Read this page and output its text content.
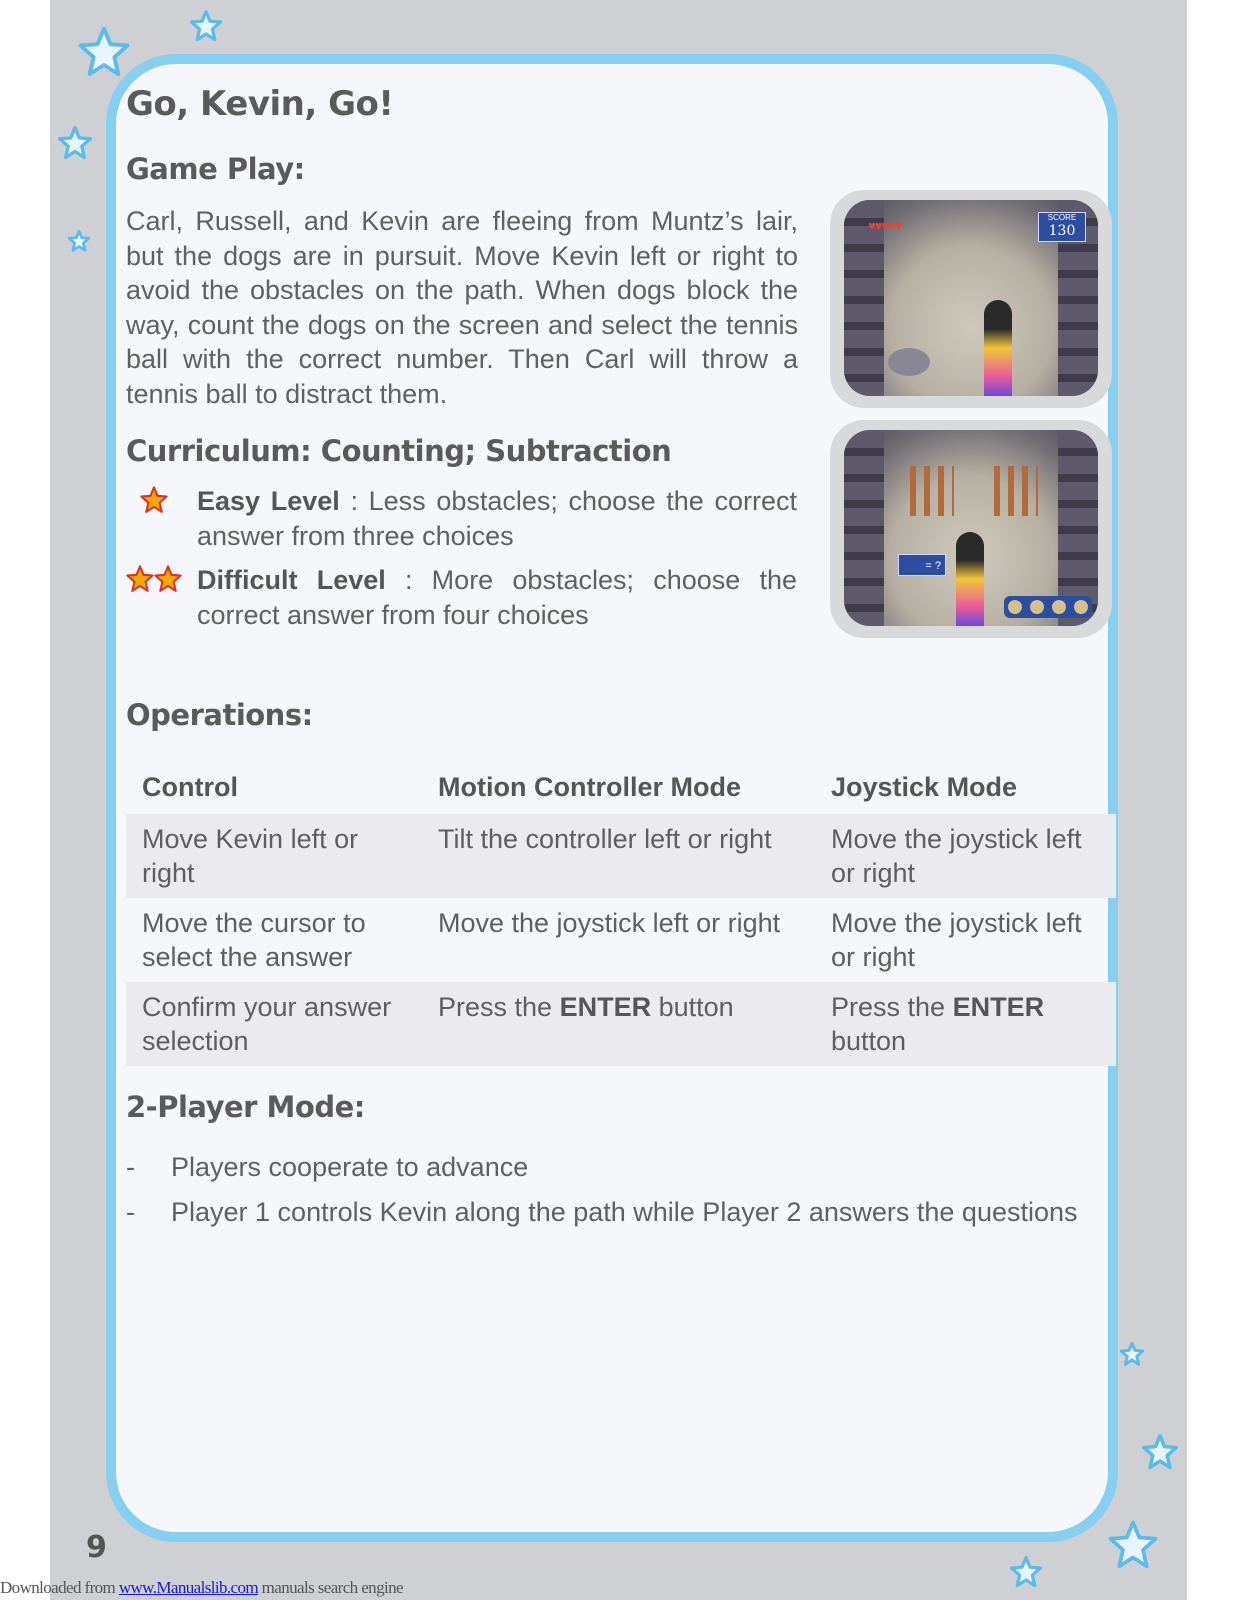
Go, Kevin, Go!
Game Play:

Carl, Russell, and Kevin are fleeing from Muntz’s lair, but the dogs are in pursuit. Move Kevin left or right to avoid the obstacles on the path. When dogs block the way, count the dogs on the screen and select the tennis ball with the correct number. Then Carl will throw a tennis ball to distract them.

Curriculum: Counting; Subtraction
Easy Level : Less obstacles; choose the correct answer from three choices
Difficult Level : More obstacles; choose the correct answer from four choices
♥♥♥♥♥
SCORE
130
= ?
Operations:
Control	Motion Controller Mode	Joystick Mode
Move Kevin left or right	Tilt the controller left or right	Move the joystick left or right
Move the cursor to select the answer	Move the joystick left or right	Move the joystick left or right
Confirm your answer selection	Press the ENTER button	Press the ENTER button
2-Player Mode:
- Players cooperate to advance
- Player 1 controls Kevin along the path while Player 2 answers the questions
9
Downloaded from www.Manualslib.com manuals search engine
